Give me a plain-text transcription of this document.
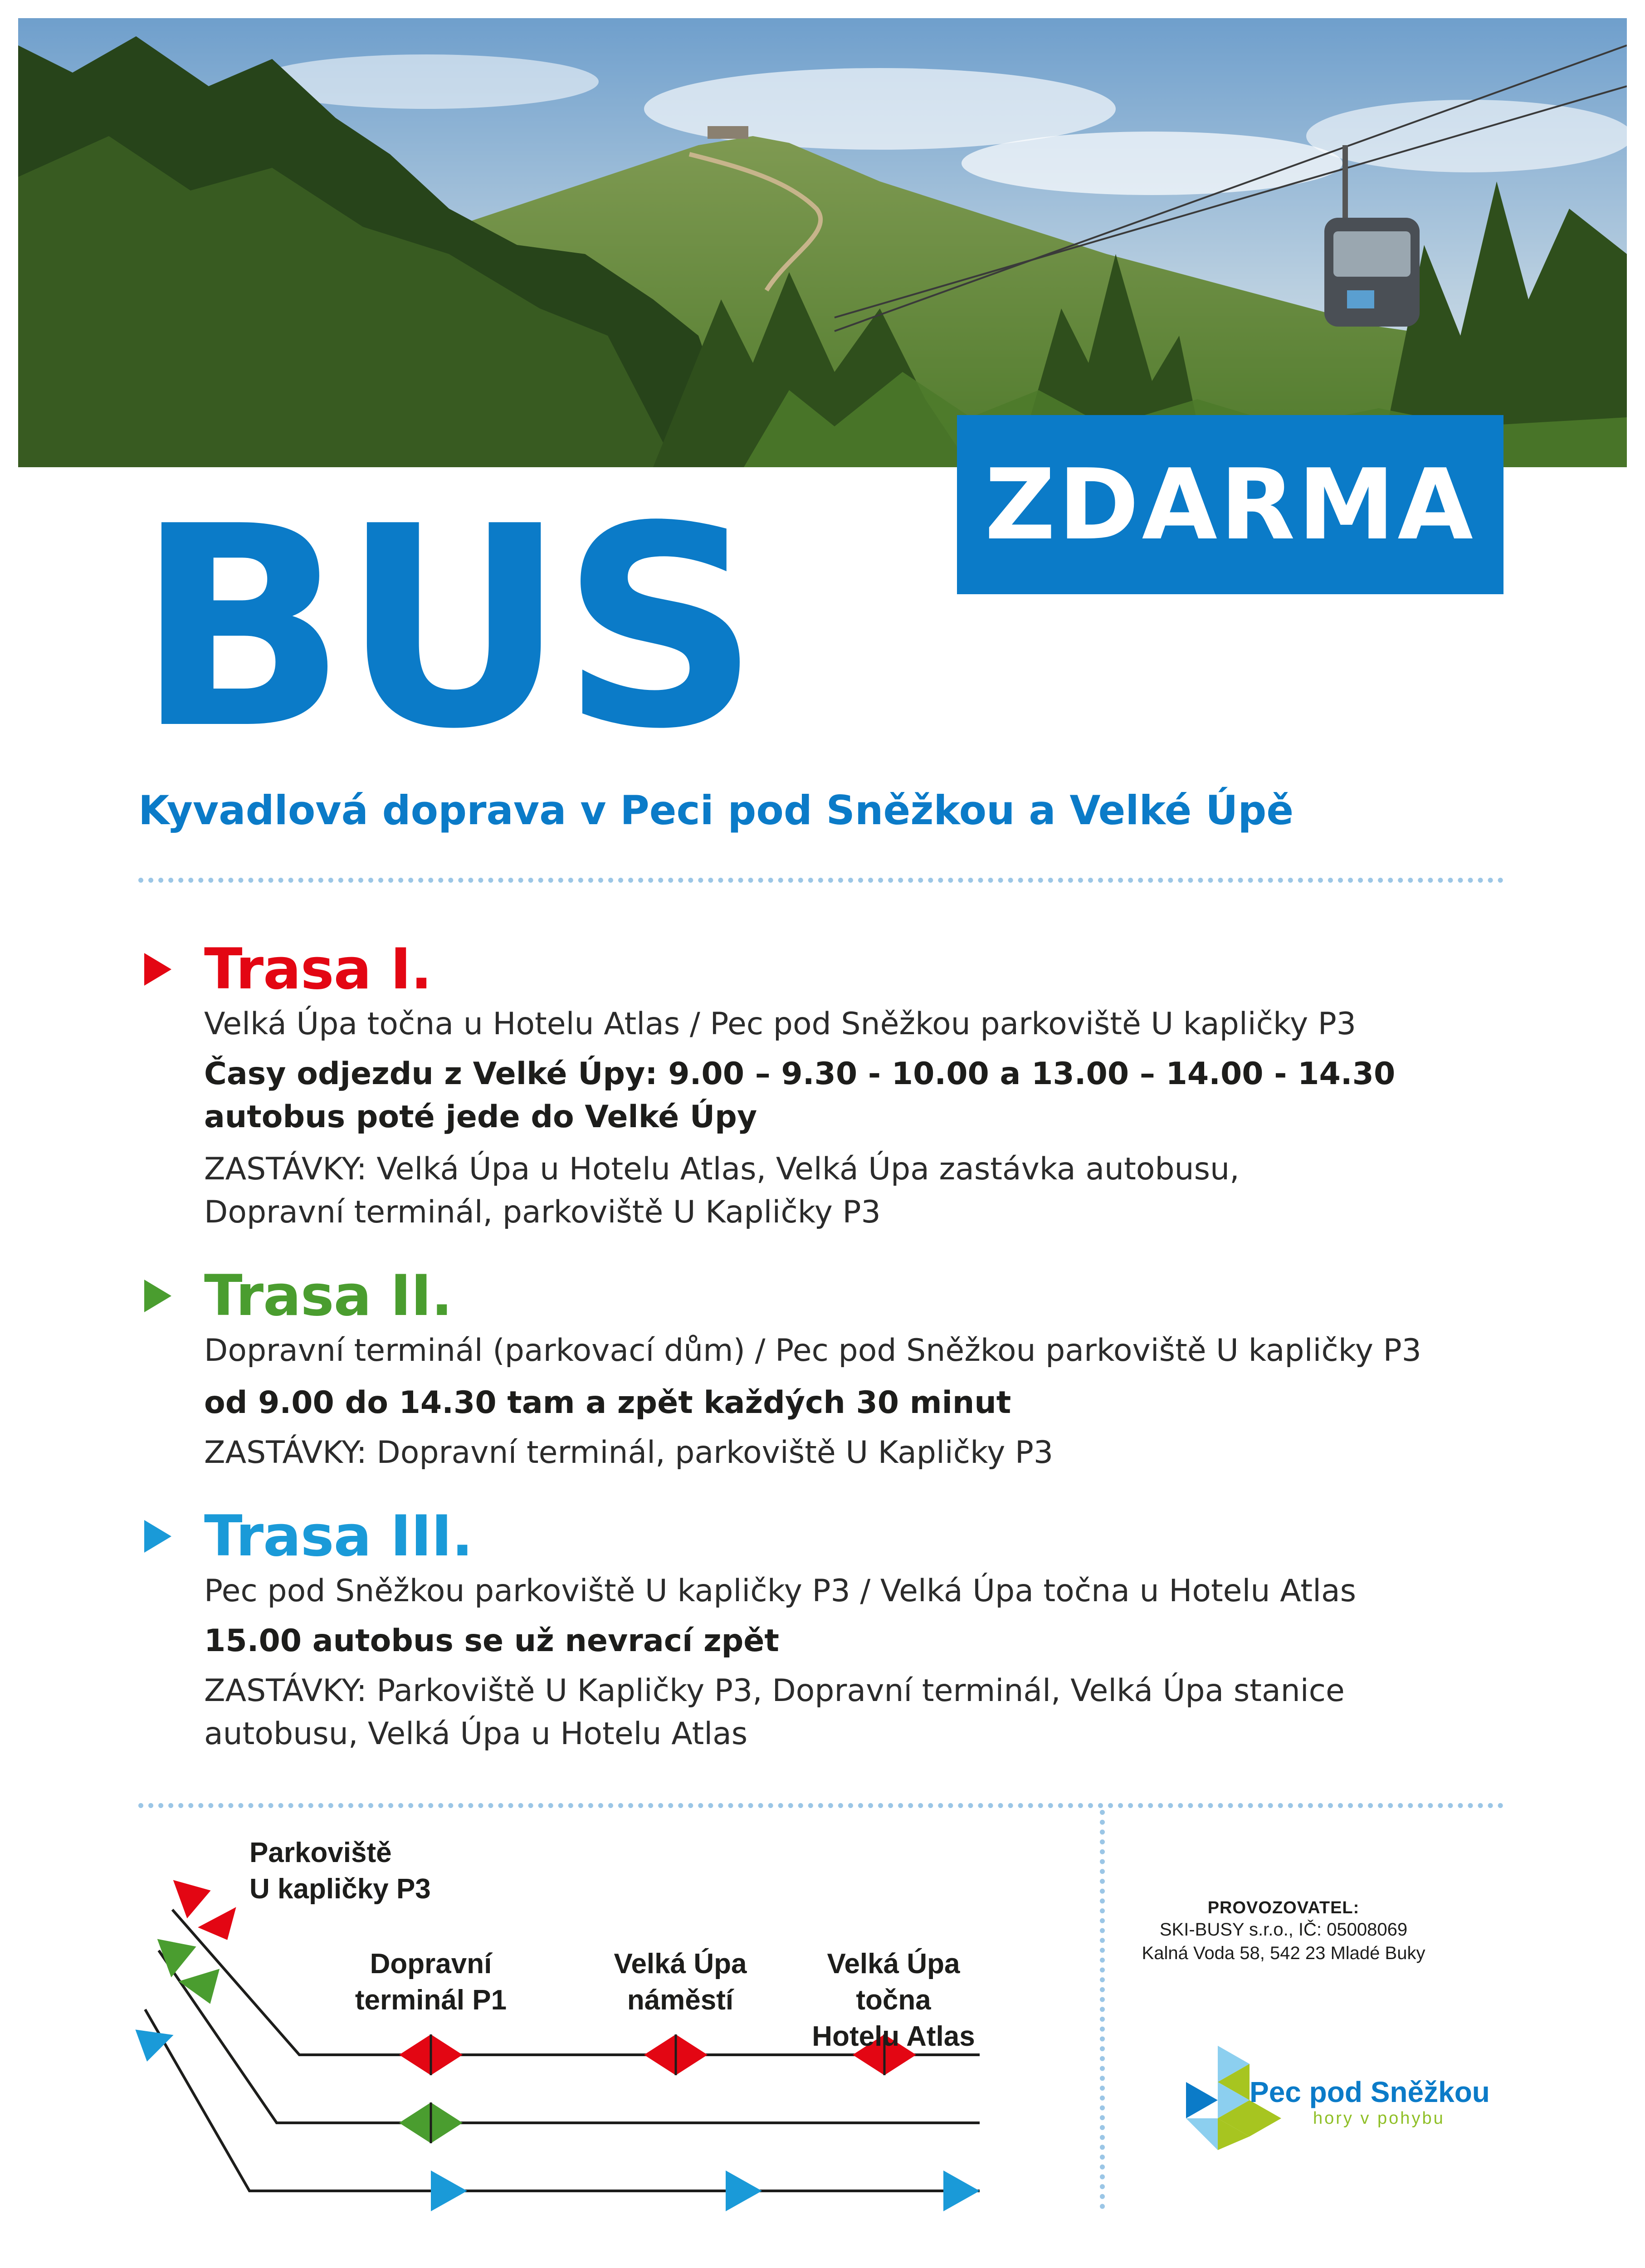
ZDARMA
BUS

Kyvadlová doprava v Peci pod Sněžkou a Velké Úpě

Trasa I.

Velká Úpa točna u Hotelu Atlas / Pec pod Sněžkou parkoviště U kapličky P3

Časy odjezdu z Velké Úpy: 9.00 – 9.30 - 10.00 a 13.00 – 14.00 - 14.30

autobus poté jede do Velké Úpy

ZASTÁVKY: Velká Úpa u Hotelu Atlas, Velká Úpa zastávka autobusu,

Dopravní terminál, parkoviště U Kapličky P3

Trasa II.

Dopravní terminál (parkovací dům) / Pec pod Sněžkou parkoviště U kapličky P3

od 9.00 do 14.30 tam a zpět každých 30 minut

ZASTÁVKY: Dopravní terminál, parkoviště U Kapličky P3

Trasa III.

Pec pod Sněžkou parkoviště U kapličky P3 / Velká Úpa točna u Hotelu Atlas

15.00 autobus se už nevrací zpět

ZASTÁVKY: Parkoviště U Kapličky P3, Dopravní terminál, Velká Úpa stanice

autobusu, Velká Úpa u Hotelu Atlas

Parkoviště
U kapličky P3
Dopravní
terminál P1
Velká Úpa
náměstí
Velká Úpa točna
Hotelu Atlas
PROVOZOVATEL:
SKI-BUSY s.r.o., IČ: 05008069
Kalná Voda 58, 542 23 Mladé Buky
Pec pod Sněžkou
hory v pohybu
